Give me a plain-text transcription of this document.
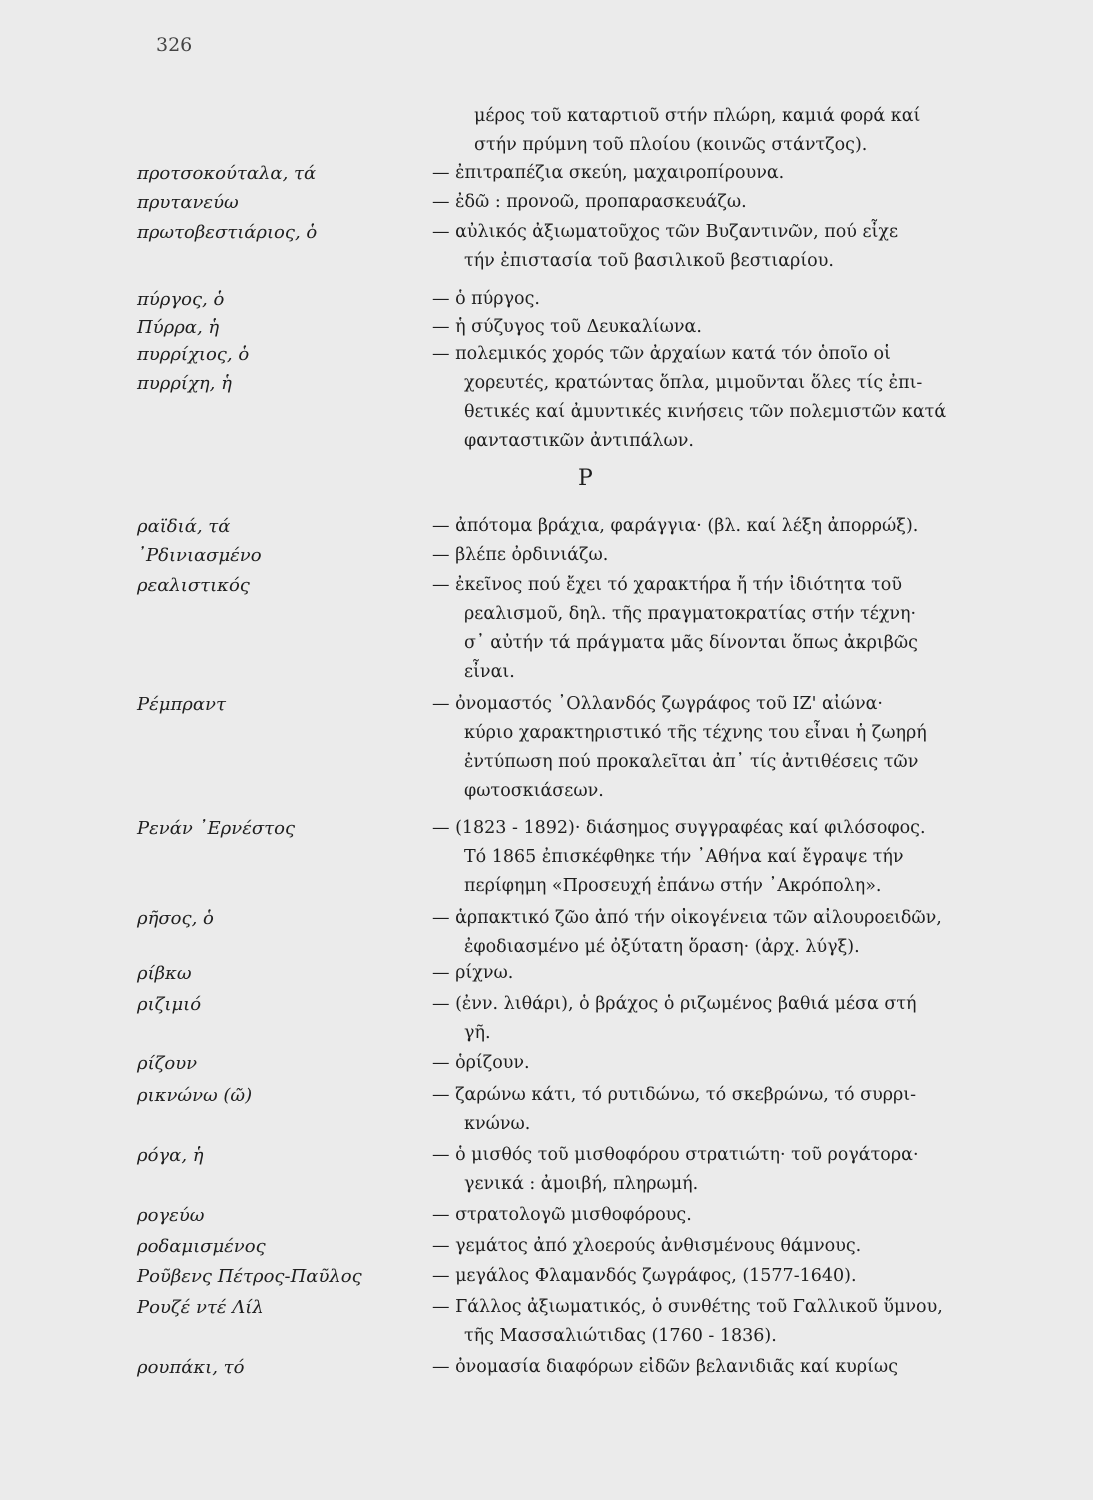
326
μέρος τοῦ καταρτιοῦ στήν πλώρη, καμιά φορά καί
στήν πρύμνη τοῦ πλοίου (κοινῶς στάντζος).
Ρ
προτσοκούταλα, τά	— ἐπιτραπέζια σκεύη, μαχαιροπίρουνα.
πρυτανεύω	— ἐδῶ : προνοῶ, προπαρασκευάζω.
πρωτοβεστιάριος, ὁ	— αὐλικός ἀξιωματοῦχος τῶν Βυζαντινῶν, πού εἶχε
τήν ἐπιστασία τοῦ βασιλικοῦ βεστιαρίου.
πύργος, ὁ	— ὁ πύργος.
Πύρρα, ἡ	— ἡ σύζυγος τοῦ Δευκαλίωνα.
πυρρίχιος, ὁ
πυρρίχη, ἡ
— πολεμικός χορός τῶν ἀρχαίων κατά τόν ὁποῖο οἱ
χορευτές, κρατώντας ὅπλα, μιμοῦνται ὅλες τίς ἐπι-
θετικές καί ἀμυντικές κινήσεις τῶν πολεμιστῶν κατά
φανταστικῶν ἀντιπάλων.
ραϊδιά, τά	— ἀπότομα βράχια, φαράγγια· (βλ. καί λέξη ἀπορρώξ).
᾿Ρδινιασμένο	— βλέπε ὀρδινιάζω.
ρεαλιστικός	— ἐκεῖνος πού ἔχει τό χαρακτήρα ἤ τήν ἰδιότητα τοῦ
ρεαλισμοῦ, δηλ. τῆς πραγματοκρατίας στήν τέχνη·
σ᾿ αὐτήν τά πράγματα μᾶς δίνονται ὅπως ἀκριβῶς
εἶναι.
Ρέμπραντ	— ὀνομαστός ᾿Ολλανδός ζωγράφος τοῦ ΙΖ' αἰώνα·
κύριο χαρακτηριστικό τῆς τέχνης του εἶναι ἡ ζωηρή
ἐντύπωση πού προκαλεῖται ἀπ᾿ τίς ἀντιθέσεις τῶν
φωτοσκιάσεων.
Ρενάν ᾿Ερνέστος	— (1823 - 1892)· διάσημος συγγραφέας καί φιλόσοφος.
Τό 1865 ἐπισκέφθηκε τήν ᾿Αθήνα καί ἔγραψε τήν
περίφημη «Προσευχή ἐπάνω στήν ᾿Ακρόπολη».
ρῆσος, ὁ	— ἁρπακτικό ζῶο ἀπό τήν οἰκογένεια τῶν αἰλουροειδῶν,
ἐφοδιασμένο μέ ὀξύτατη ὅραση· (ἀρχ. λύγξ).
ρίβκω	— ρίχνω.
ριζιμιό	— (ἐνν. λιθάρι), ὁ βράχος ὁ ριζωμένος βαθιά μέσα στή
γῆ.
ρίζουν	— ὁρίζουν.
ρικνώνω (ῶ)	— ζαρώνω κάτι, τό ρυτιδώνω, τό σκεβρώνω, τό συρρι-
κνώνω.
ρόγα, ἡ	— ὁ μισθός τοῦ μισθοφόρου στρατιώτη· τοῦ ρογάτορα·
γενικά : ἀμοιβή, πληρωμή.
ρογεύω	— στρατολογῶ μισθοφόρους.
ροδαμισμένος	— γεμάτος ἀπό χλοερούς ἀνθισμένους θάμνους.
Ροῦβενς Πέτρος-Παῦλος	— μεγάλος Φλαμανδός ζωγράφος, (1577-1640).
Ρουζέ ντέ Λίλ	— Γάλλος ἀξιωματικός, ὁ συνθέτης τοῦ Γαλλικοῦ ὕμνου,
τῆς Μασσαλιώτιδας (1760 - 1836).
ρουπάκι, τό	— ὀνομασία διαφόρων εἰδῶν βελανιδιᾶς καί κυρίως
